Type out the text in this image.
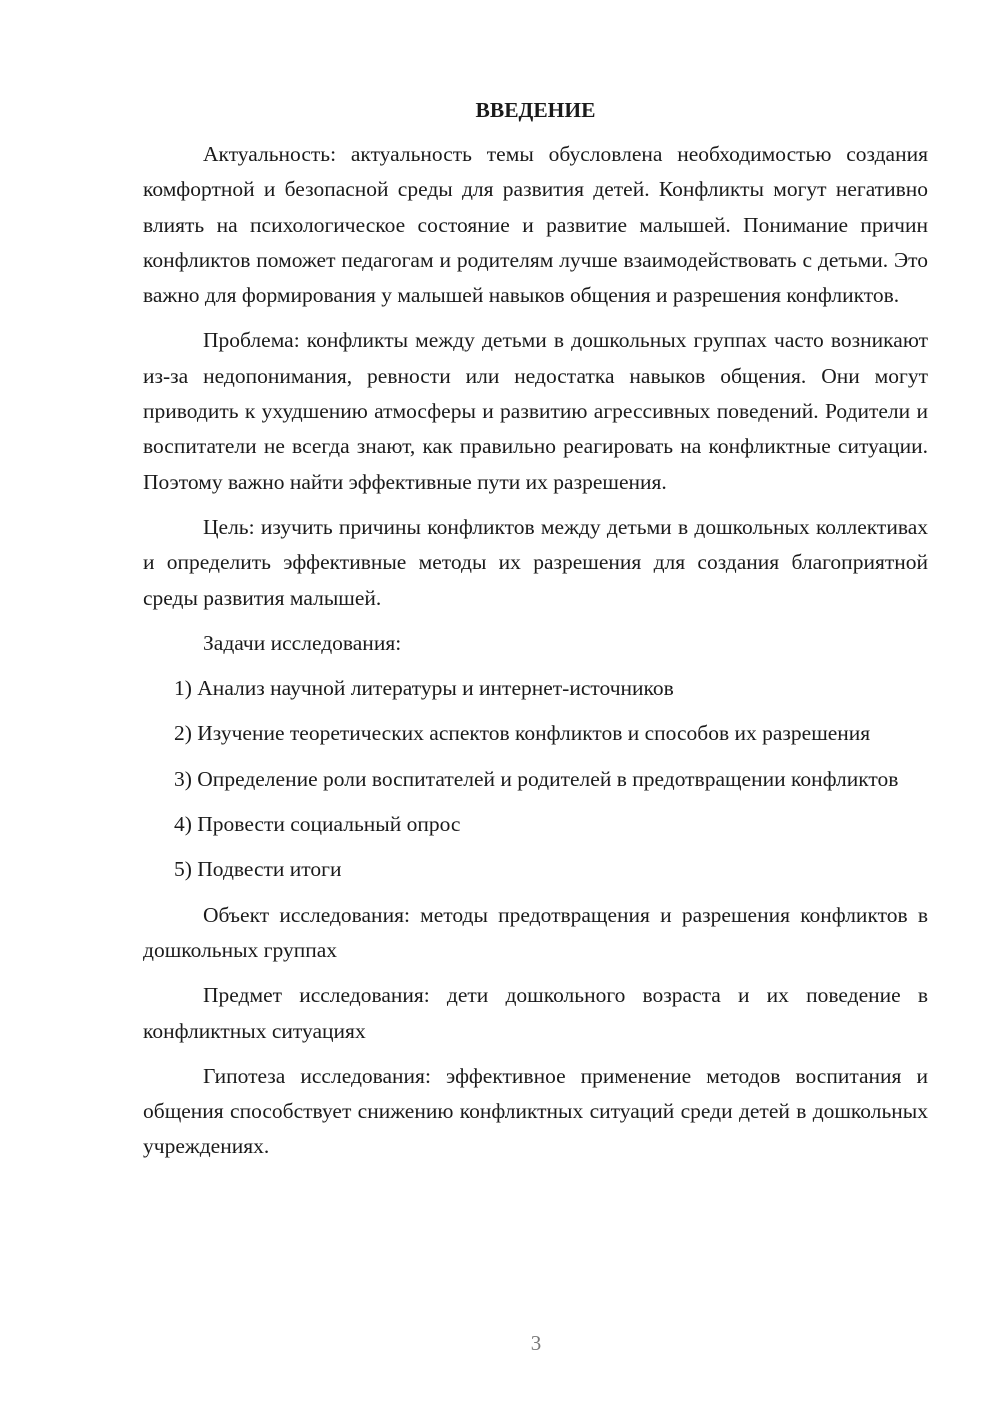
ВВЕДЕНИЕ

Актуальность: актуальность темы обусловлена необходимостью создания комфортной и безопасной среды для развития детей. Конфликты могут негативно влиять на психологическое состояние и развитие малышей. Понимание причин конфликтов поможет педагогам и родителям лучше взаимодействовать с детьми. Это важно для формирования у малышей навыков общения и разрешения конфликтов.

Проблема: конфликты между детьми в дошкольных группах часто возникают из-за недопонимания, ревности или недостатка навыков общения. Они могут приводить к ухудшению атмосферы и развитию агрессивных поведений. Родители и воспитатели не всегда знают, как правильно реагировать на конфликтные ситуации. Поэтому важно найти эффективные пути их разрешения.

Цель: изучить причины конфликтов между детьми в дошкольных коллективах и определить эффективные методы их разрешения для создания благоприятной среды развития малышей.

Задачи исследования:

1) Анализ научной литературы и интернет-источников

2) Изучение теоретических аспектов конфликтов и способов их разрешения

3) Определение роли воспитателей и родителей в предотвращении конфликтов

4) Провести социальный опрос

5) Подвести итоги

Объект исследования: методы предотвращения и разрешения конфликтов в дошкольных группах

Предмет исследования: дети дошкольного возраста и их поведение в конфликтных ситуациях

Гипотеза исследования: эффективное применение методов воспитания и общения способствует снижению конфликтных ситуаций среди детей в дошкольных учреждениях.

3
